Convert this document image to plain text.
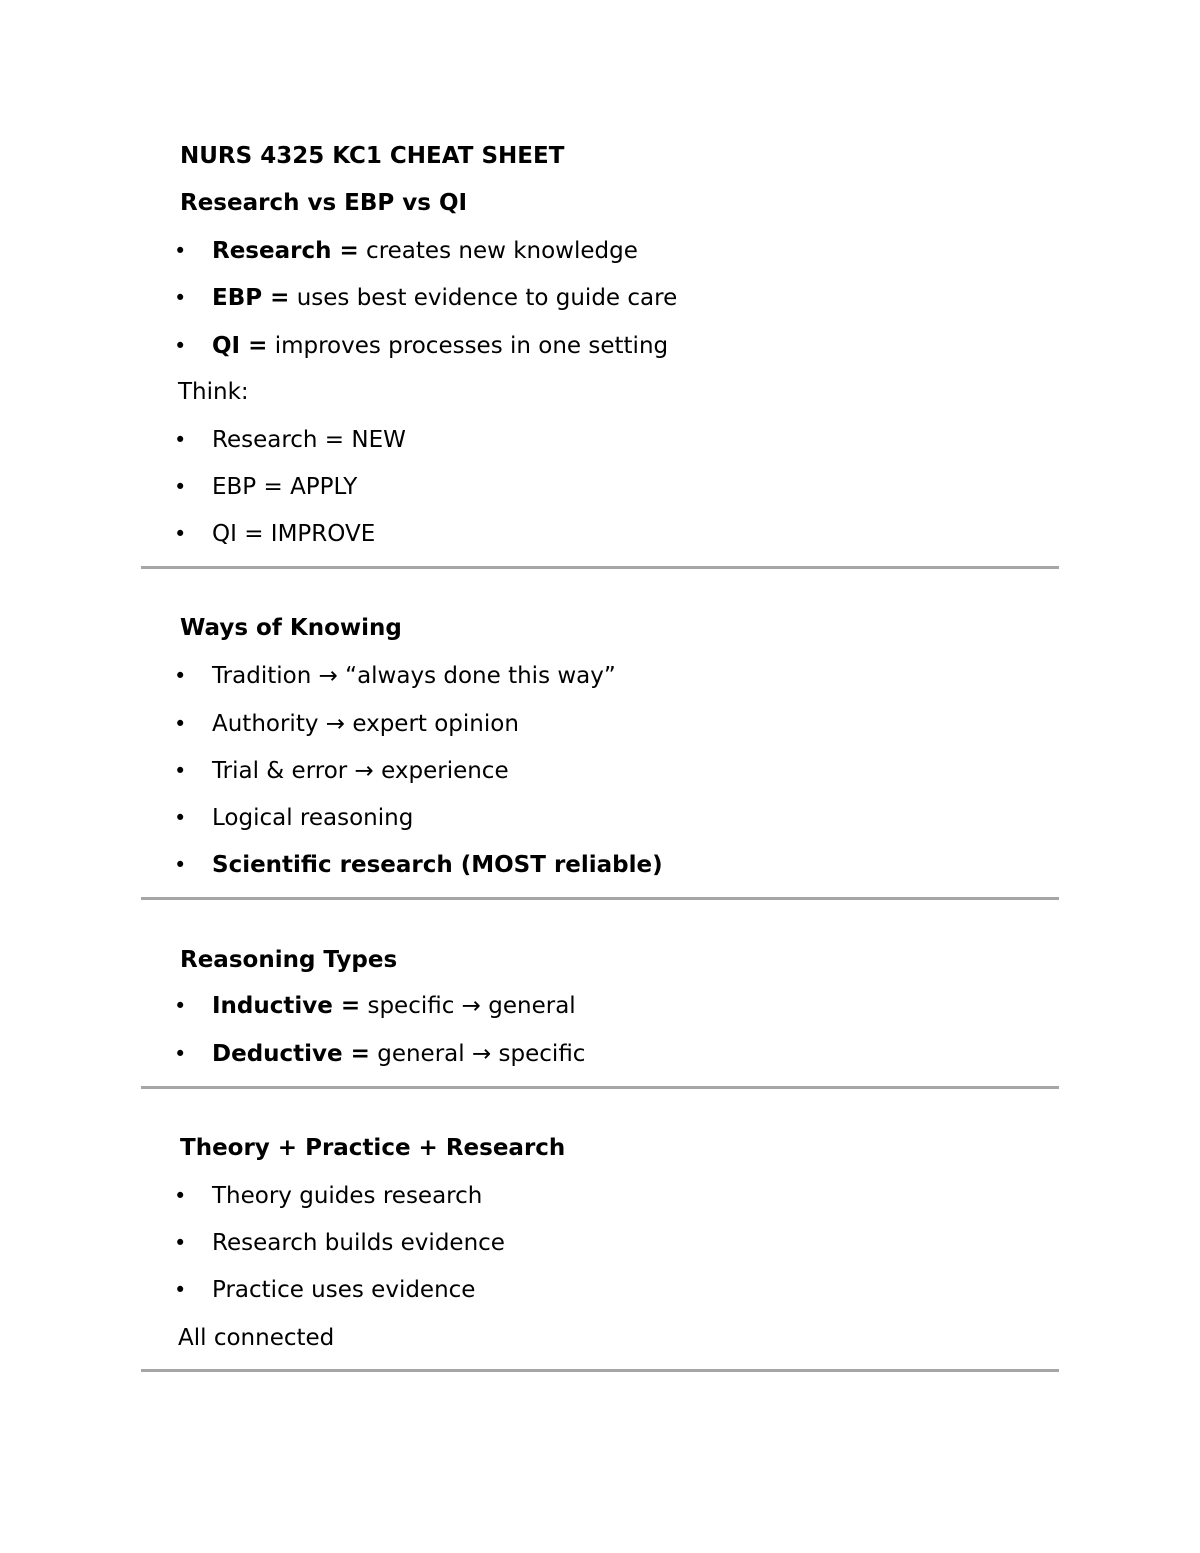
NURS 4325 KC1 CHEAT SHEET
Research vs EBP vs QI
• Research = creates new knowledge
• EBP = uses best evidence to guide care
• QI = improves processes in one setting
Think:
• Research = NEW
• EBP = APPLY
• QI = IMPROVE
Ways of Knowing
• Tradition → “always done this way”
• Authority → expert opinion
• Trial & error → experience
• Logical reasoning
• Scientific research (MOST reliable)
Reasoning Types
• Inductive = specific → general
• Deductive = general → specific
Theory + Practice + Research
• Theory guides research
• Research builds evidence
• Practice uses evidence
All connected
